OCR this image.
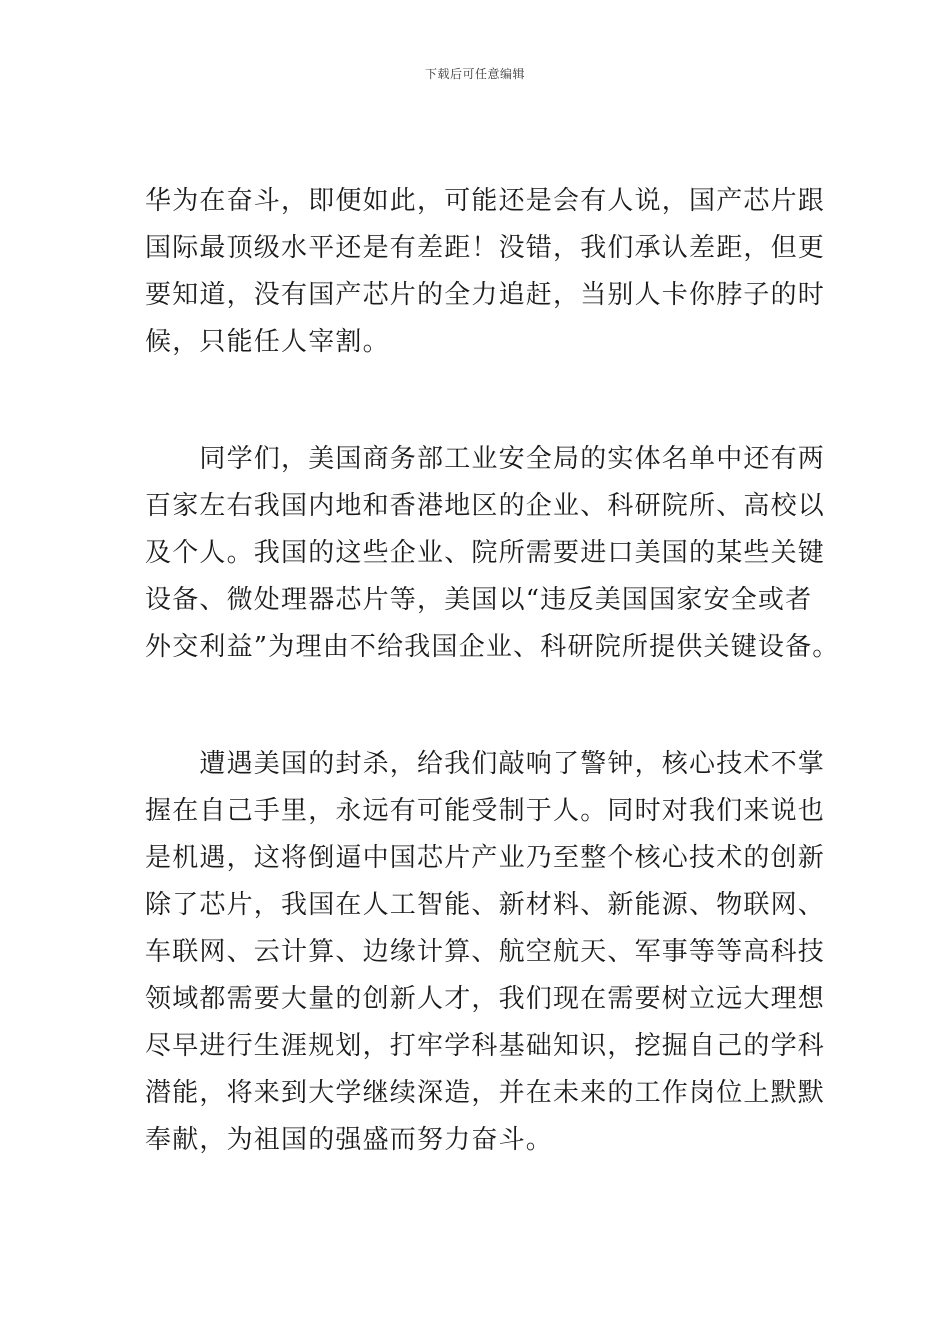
下载后可任意编辑
华为在奋斗，即便如此，可能还是会有人说，国产芯片跟
国际最顶级水平还是有差距！没错，我们承认差距，但更
要知道，没有国产芯片的全力追赶，当别人卡你脖子的时
候，只能任人宰割。
　　同学们，美国商务部工业安全局的实体名单中还有两
百家左右我国内地和香港地区的企业、科研院所、高校以
及个人。我国的这些企业、院所需要进口美国的某些关键
设备、微处理器芯片等，美国以“违反美国国家安全或者
外交利益”为理由不给我国企业、科研院所提供关键设备。
　　遭遇美国的封杀，给我们敲响了警钟，核心技术不掌
握在自己手里，永远有可能受制于人。同时对我们来说也
是机遇，这将倒逼中国芯片产业乃至整个核心技术的创新
除了芯片，我国在人工智能、新材料、新能源、物联网、
车联网、云计算、边缘计算、航空航天、军事等等高科技
领域都需要大量的创新人才，我们现在需要树立远大理想
尽早进行生涯规划，打牢学科基础知识，挖掘自己的学科
潜能，将来到大学继续深造，并在未来的工作岗位上默默
奉献，为祖国的强盛而努力奋斗。
